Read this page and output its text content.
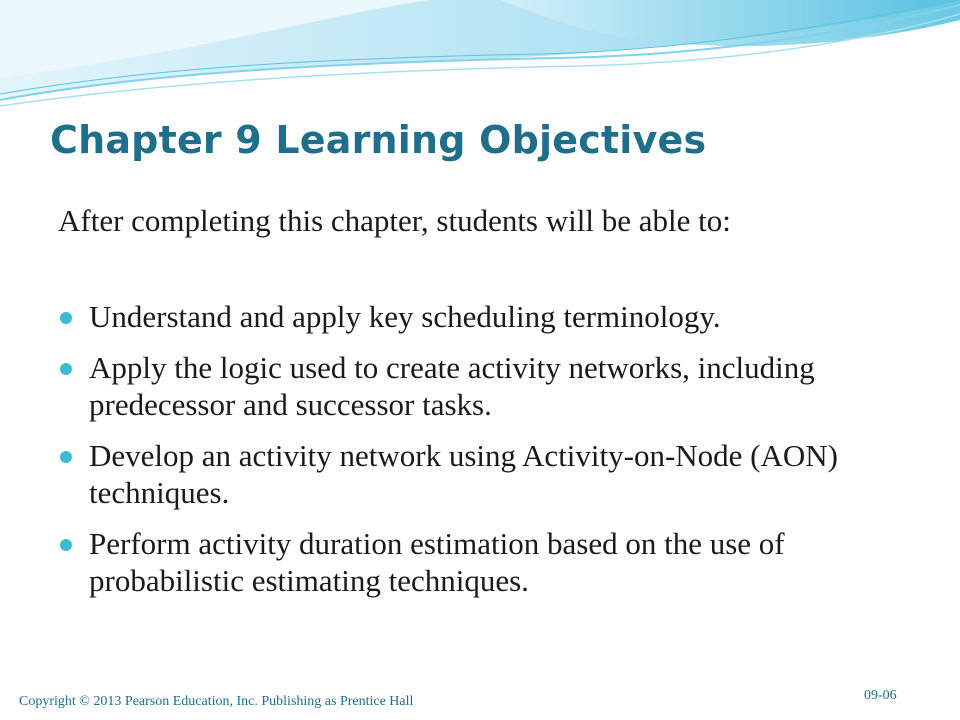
Chapter 9 Learning Objectives

After completing this chapter, students will be able to:

Understand and apply key scheduling terminology.
Apply the logic used to create activity networks, including predecessor and successor tasks.
Develop an activity network using Activity-on-Node (AON) techniques.
Perform activity duration estimation based on the use of probabilistic estimating techniques.
Copyright © 2013 Pearson Education, Inc. Publishing as Prentice Hall	09-06
